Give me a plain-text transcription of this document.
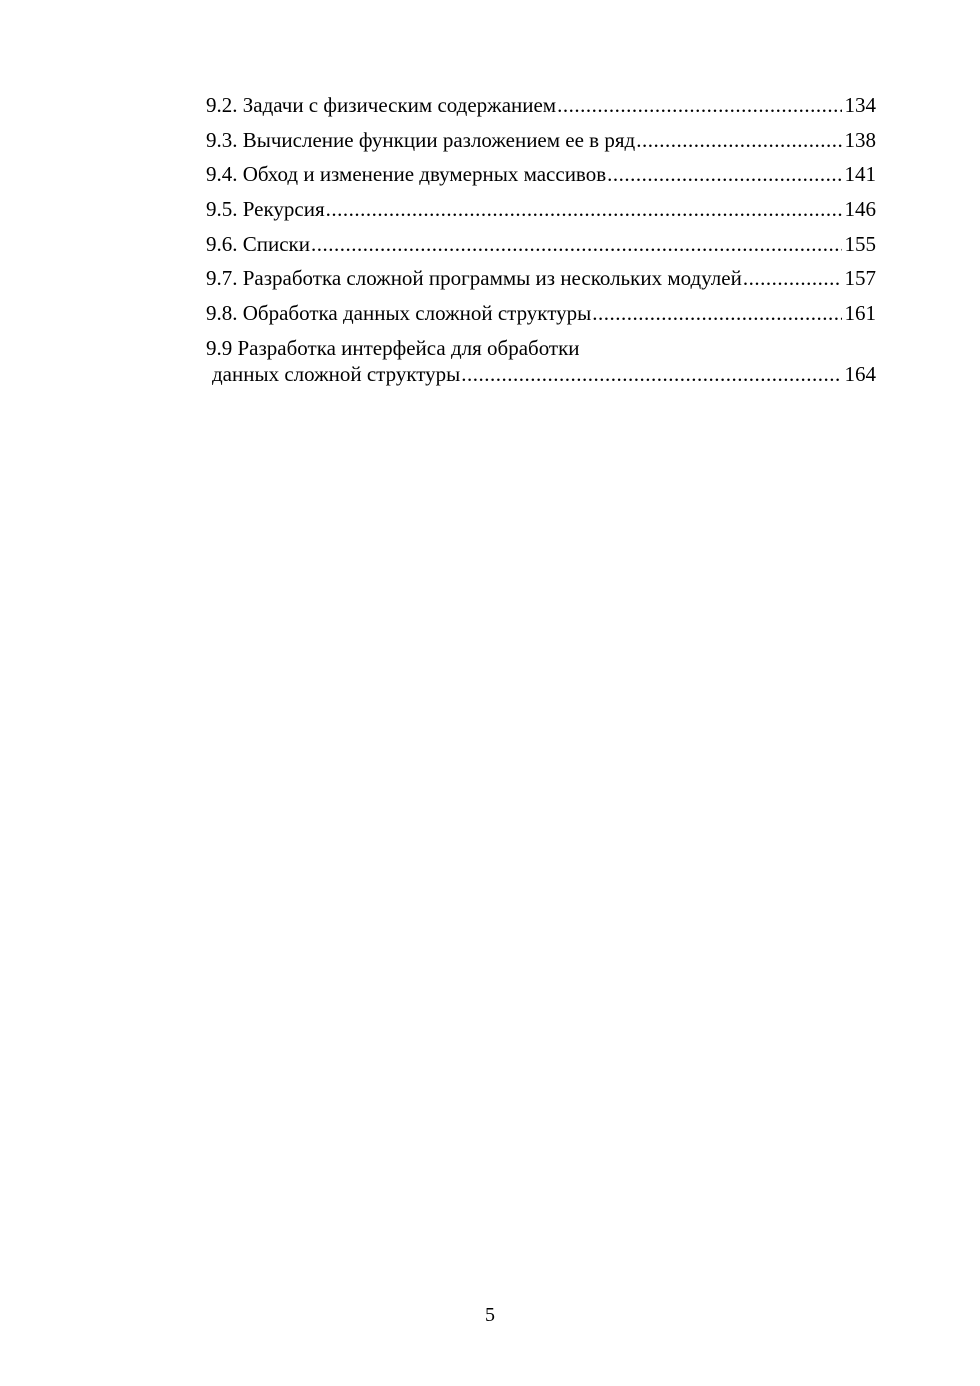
9.2. Задачи с физическим содержанием .....	134
9.3. Вычисление функции разложением ее в ряд .....	138
9.4. Обход и изменение двумерных массивов .....	141
9.5. Рекурсия .....	146
9.6. Списки .....	155
9.7. Разработка сложной программы из нескольких модулей .....	157
9.8. Обработка данных сложной структуры .....	161
9.9 Разработка интерфейса для обработки
данных сложной структуры .....	164
5
